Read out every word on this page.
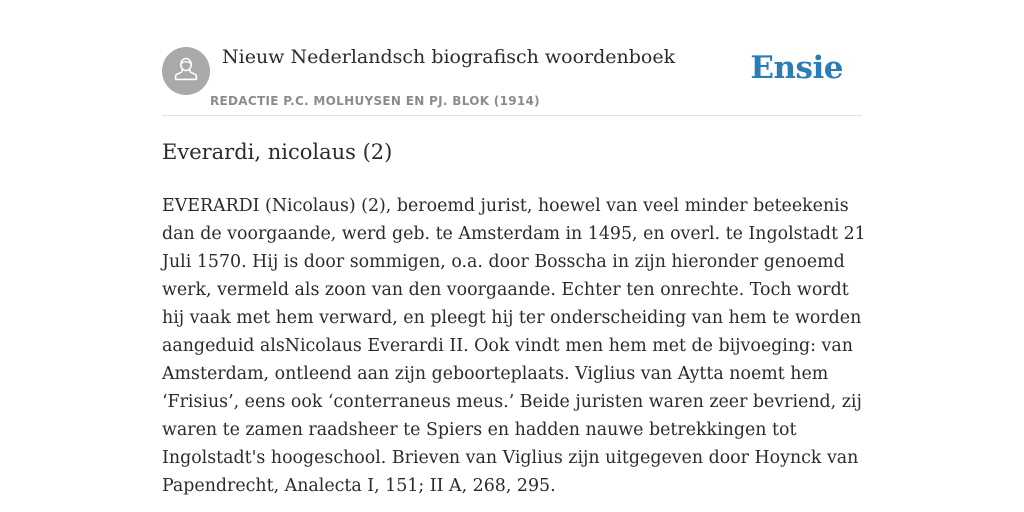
Nieuw Nederlandsch biografisch woordenboek
REDACTIE P.C. MOLHUYSEN EN PJ. BLOK (1914)
Ensie
Everardi, nicolaus (2)

EVERARDI (Nicolaus) (2), beroemd jurist, hoewel van veel minder beteekenis dan de voorgaande, werd geb. te Amsterdam in 1495, en overl. te Ingolstadt 21 Juli 1570. Hij is door sommigen, o.a. door Bosscha in zijn hieronder genoemd werk, vermeld als zoon van den voorgaande. Echter ten onrechte. Toch wordt hij vaak met hem verward, en pleegt hij ter onderscheiding van hem te worden aangeduid alsNicolaus Everardi II. Ook vindt men hem met de bijvoeging: van Amsterdam, ontleend aan zijn geboorteplaats. Viglius van Aytta noemt hem ‘Frisius’, eens ook ‘conterraneus meus.’ Beide juristen waren zeer bevriend, zij waren te zamen raadsheer te Spiers en hadden nauwe betrekkingen tot Ingolstadt's hoogeschool. Brieven van Viglius zijn uitgegeven door Hoynck van Papendrecht, Analecta I, 151; II A, 268, 295.
